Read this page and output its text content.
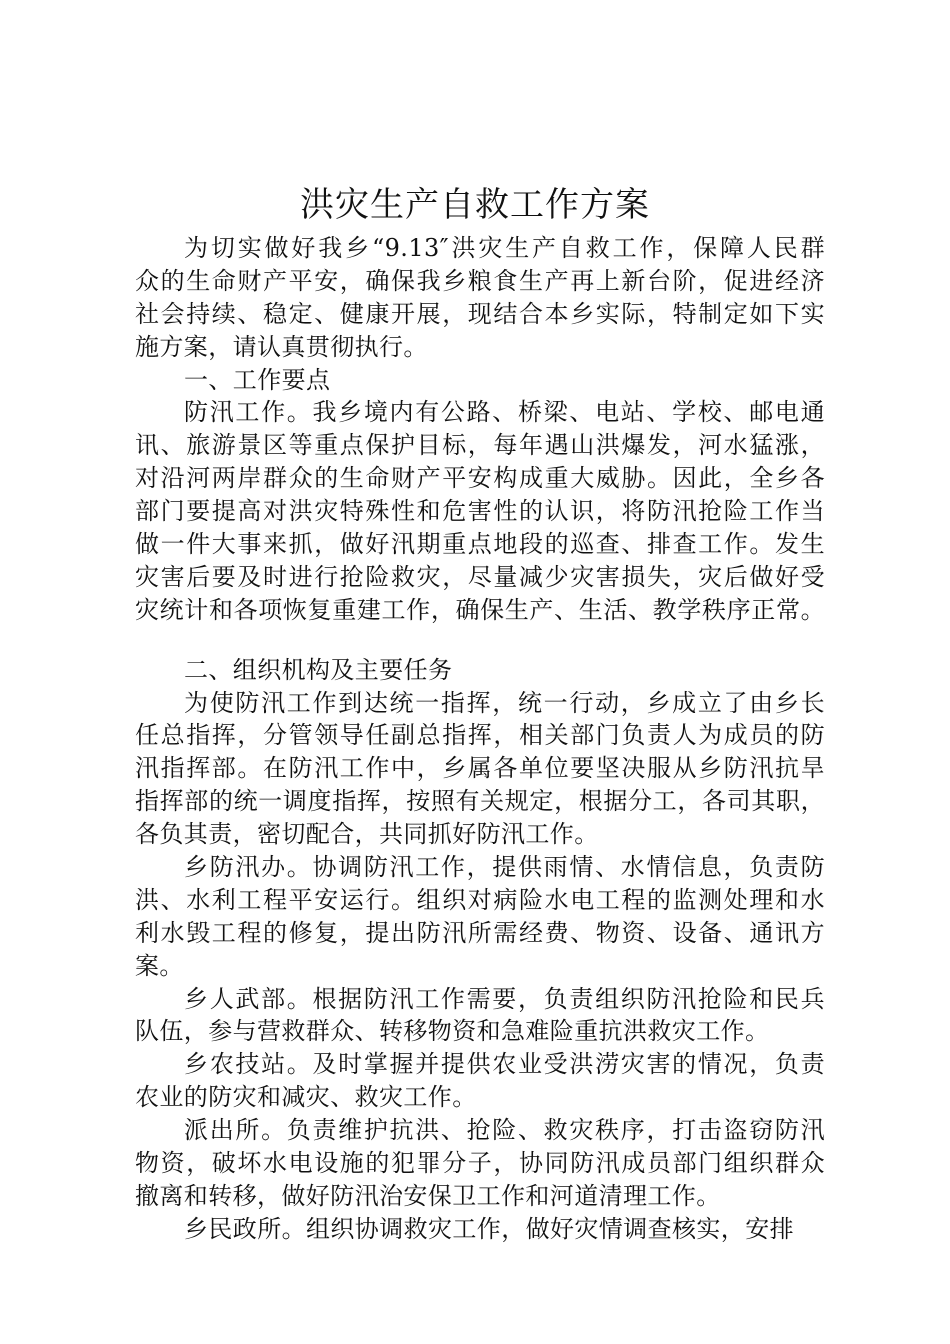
洪灾生产自救工作方案
为切实做好我乡“9.13″洪灾生产自救工作，保障人民群
众的生命财产平安，确保我乡粮食生产再上新台阶，促进经济
社会持续、稳定、健康开展，现结合本乡实际，特制定如下实
施方案，请认真贯彻执行。
一、工作要点
防汛工作。我乡境内有公路、桥梁、电站、学校、邮电通
讯、旅游景区等重点保护目标，每年遇山洪爆发，河水猛涨，
对沿河两岸群众的生命财产平安构成重大威胁。因此，全乡各
部门要提高对洪灾特殊性和危害性的认识，将防汛抢险工作当
做一件大事来抓，做好汛期重点地段的巡查、排查工作。发生
灾害后要及时进行抢险救灾，尽量减少灾害损失，灾后做好受
灾统计和各项恢复重建工作，确保生产、生活、教学秩序正常。
二、组织机构及主要任务
为使防汛工作到达统一指挥，统一行动，乡成立了由乡长
任总指挥，分管领导任副总指挥，相关部门负责人为成员的防
汛指挥部。在防汛工作中，乡属各单位要坚决服从乡防汛抗旱
指挥部的统一调度指挥，按照有关规定，根据分工，各司其职，
各负其责，密切配合，共同抓好防汛工作。
乡防汛办。协调防汛工作，提供雨情、水情信息，负责防
洪、水利工程平安运行。组织对病险水电工程的监测处理和水
利水毁工程的修复，提出防汛所需经费、物资、设备、通讯方
案。
乡人武部。根据防汛工作需要，负责组织防汛抢险和民兵
队伍，参与营救群众、转移物资和急难险重抗洪救灾工作。
乡农技站。及时掌握并提供农业受洪涝灾害的情况，负责
农业的防灾和减灾、救灾工作。
派出所。负责维护抗洪、抢险、救灾秩序，打击盗窃防汛
物资，破坏水电设施的犯罪分子，协同防汛成员部门组织群众
撤离和转移，做好防汛治安保卫工作和河道清理工作。
乡民政所。组织协调救灾工作，做好灾情调查核实，安排
